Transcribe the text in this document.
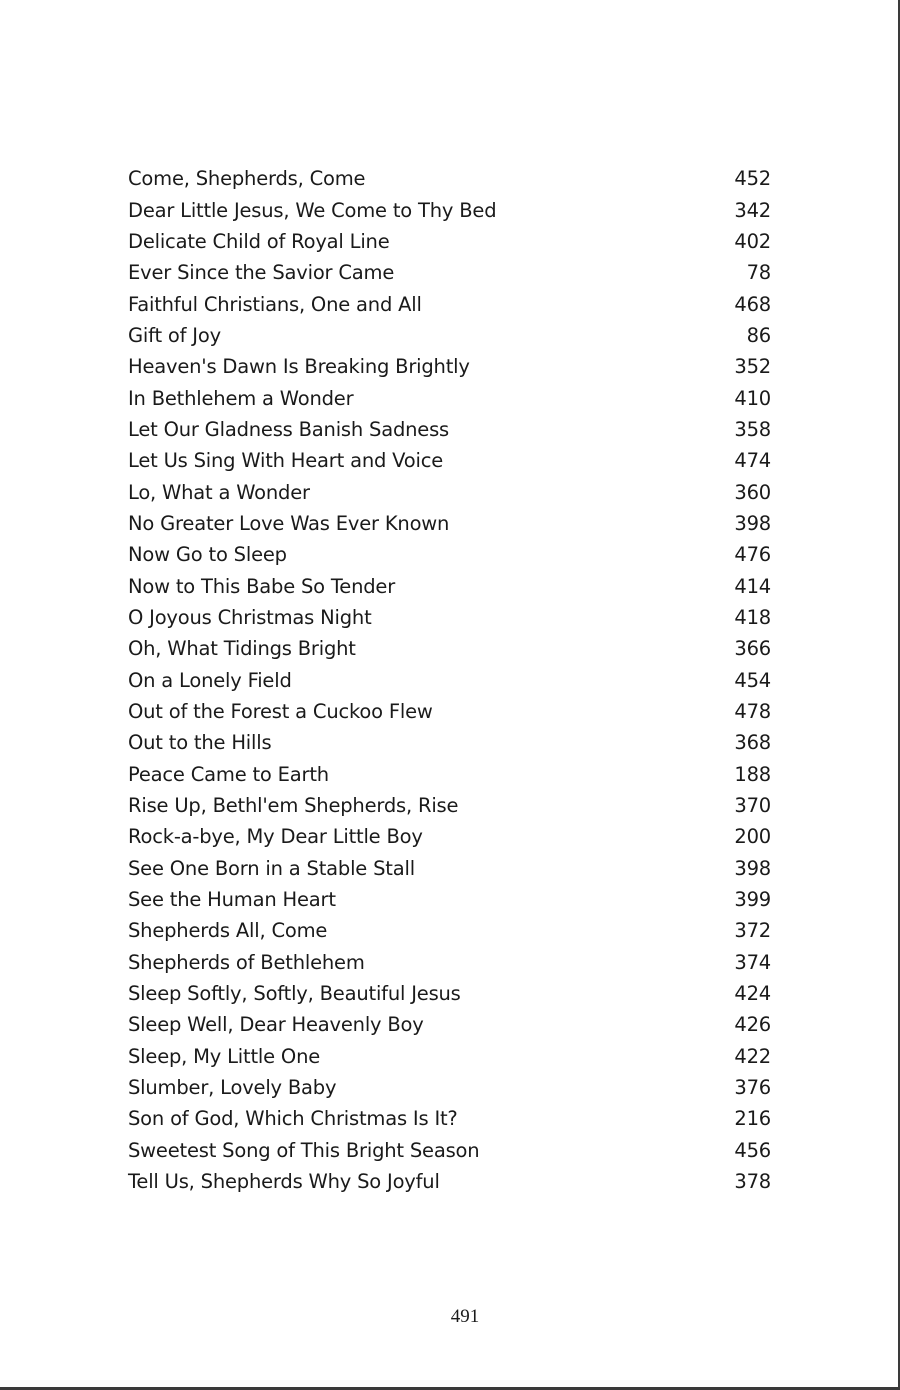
Come, Shepherds, Come	452
Dear Little Jesus, We Come to Thy Bed	342
Delicate Child of Royal Line	402
Ever Since the Savior Came	78
Faithful Christians, One and All	468
Gift of Joy	86
Heaven's Dawn Is Breaking Brightly	352
In Bethlehem a Wonder	410
Let Our Gladness Banish Sadness	358
Let Us Sing With Heart and Voice	474
Lo, What a Wonder	360
No Greater Love Was Ever Known	398
Now Go to Sleep	476
Now to This Babe So Tender	414
O Joyous Christmas Night	418
Oh, What Tidings Bright	366
On a Lonely Field	454
Out of the Forest a Cuckoo Flew	478
Out to the Hills	368
Peace Came to Earth	188
Rise Up, Bethl'em Shepherds, Rise	370
Rock-a-bye, My Dear Little Boy	200
See One Born in a Stable Stall	398
See the Human Heart	399
Shepherds All, Come	372
Shepherds of Bethlehem	374
Sleep Softly, Softly, Beautiful Jesus	424
Sleep Well, Dear Heavenly Boy	426
Sleep, My Little One	422
Slumber, Lovely Baby	376
Son of God, Which Christmas Is It?	216
Sweetest Song of This Bright Season	456
Tell Us, Shepherds Why So Joyful	378
491
